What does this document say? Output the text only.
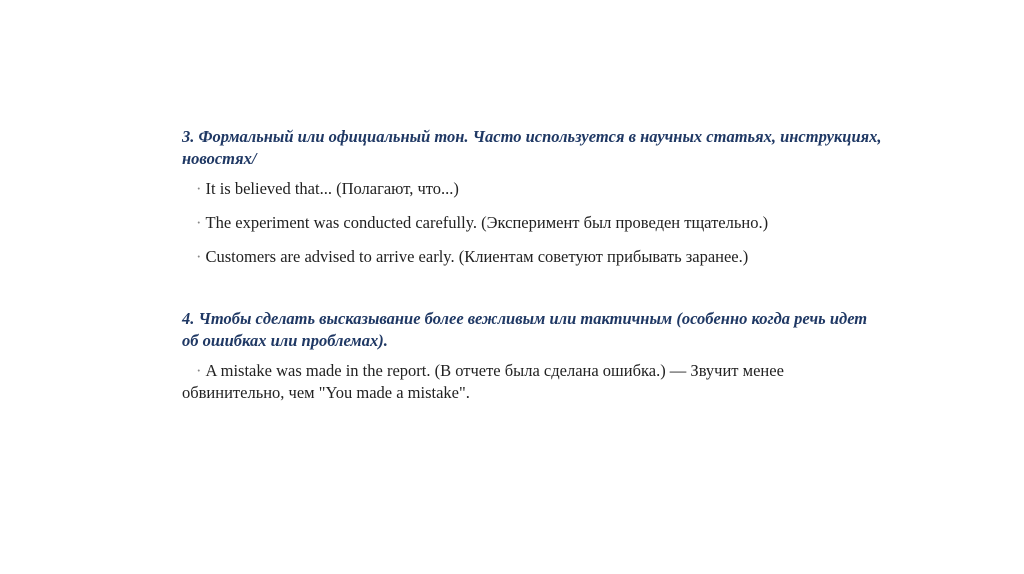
3. Формальный или официальный тон. Часто используется в научных статьях, инструкциях, новостях/

· It is believed that... (Полагают, что...)

· The experiment was conducted carefully. (Эксперимент был проведен тщательно.)

· Customers are advised to arrive early. (Клиентам советуют прибывать заранее.)

4. Чтобы сделать высказывание более вежливым или тактичным (особенно когда речь идет об ошибках или проблемах).

· A mistake was made in the report. (В отчете была сделана ошибка.) — Звучит менее обвинительно, чем "You made a mistake".
